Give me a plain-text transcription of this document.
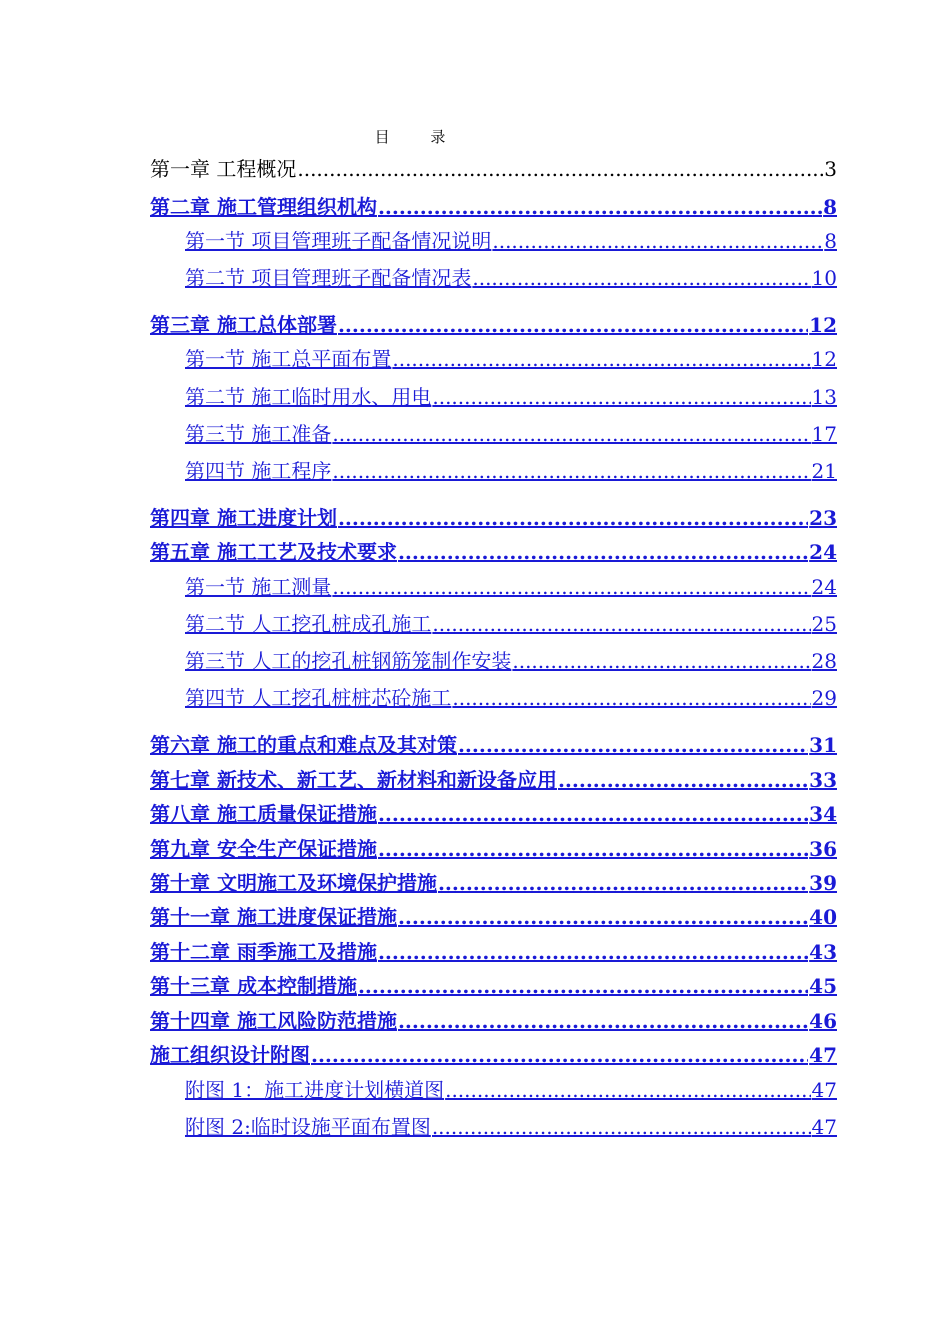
目 录
第一章 工程概况 .....	3
第二章 施工管理组织机构 .....	8
第一节 项目管理班子配备情况说明 .....	8
第二节 项目管理班子配备情况表 .....	10
第三章 施工总体部署 .....	12
第一节 施工总平面布置 .....	12
第二节 施工临时用水、用电 .....	13
第三节 施工准备 .....	17
第四节 施工程序 .....	21
第四章 施工进度计划 .....	23
第五章 施工工艺及技术要求 .....	24
第一节 施工测量 .....	24
第二节 人工挖孔桩成孔施工 .....	25
第三节 人工的挖孔桩钢筋笼制作安装 .....	28
第四节 人工挖孔桩桩芯砼施工 .....	29
第六章 施工的重点和难点及其对策 .....	31
第七章 新技术、新工艺、新材料和新设备应用 .....	33
第八章 施工质量保证措施 .....	34
第九章 安全生产保证措施 .....	36
第十章 文明施工及环境保护措施 .....	39
第十一章 施工进度保证措施 .....	40
第十二章 雨季施工及措施 .....	43
第十三章 成本控制措施 .....	45
第十四章 施工风险防范措施 .....	46
施工组织设计附图 .....	47
附图 1：施工进度计划横道图 .....	47
附图 2:临时设施平面布置图 .....	47
